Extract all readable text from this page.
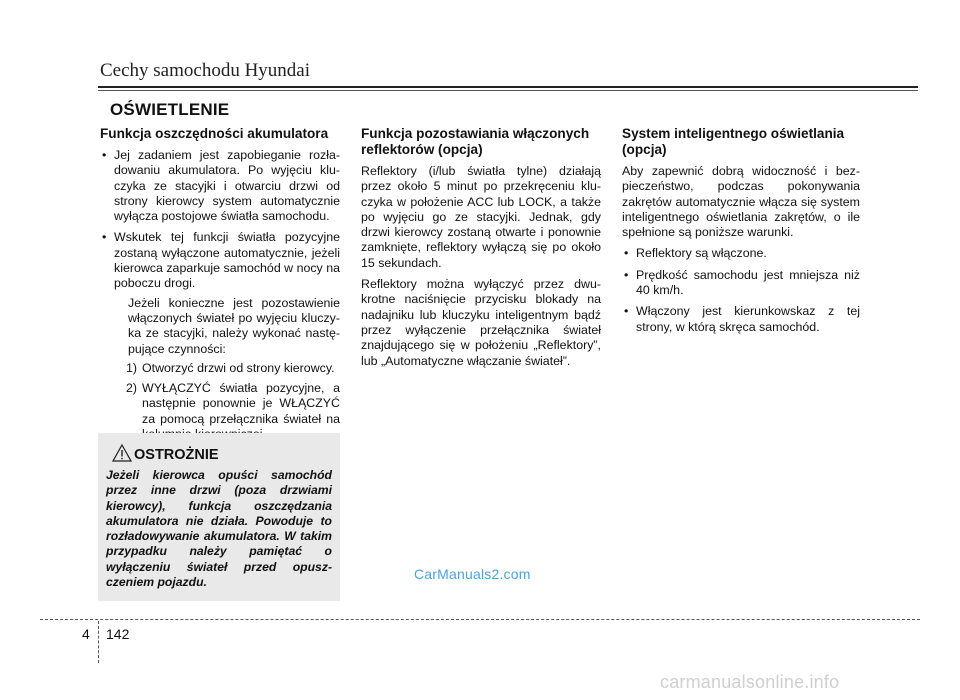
Cechy samochodu Hyundai
OŚWIETLENIE
Funkcja oszczędności akumulatora
• Jej zadaniem jest zapobieganie rozładowaniu akumulatora. Po wyjęciu kluczyka ze stacyjki i otwarciu drzwi od strony kierowcy system automatycznie wyłącza postojowe światła samochodu.
• Wskutek tej funkcji światła pozycyjne zostaną wyłączone automatycznie, jeżeli kierowca zaparkuje samochód w nocy na poboczu drogi.
Jeżeli konieczne jest pozostawienie włączonych świateł po wyjęciu kluczyka ze stacyjki, należy wykonać następujące czynności:
1) Otworzyć drzwi od strony kierowcy.
2) WYŁĄCZYĆ światła pozycyjne, a następnie ponownie je WŁĄCZYĆ za pomocą przełącznika świateł na
OSTROŻNIE
Jeżeli kierowca opuści samochód przez inne drzwi (poza drzwiami kierowcy), funkcja oszczędzania akumulatora nie działa. Powoduje to rozładowywanie akumulatora. W takim przypadku należy pamiętać o wyłączeniu świateł przed opuszczeniem pojazdu.
Funkcja pozostawiania włączonych reflektorów (opcja)

Reflektory (i/lub światła tylne) działają przez około 5 minut po przekręceniu kluczyka w położenie ACC lub LOCK, a także po wyjęciu go ze stacyjki. Jednak, gdy drzwi kierowcy zostaną otwarte i ponownie zamknięte, reflektory wyłączą się po około 15 sekundach.

Reflektory można wyłączyć przez dwukrotne naciśnięcie przycisku blokady na nadajniku lub kluczyku inteligentnym bądź przez wyłączenie przełącznika świateł znajdującego się w położeniu „Reflektory”, lub „Automatyczne włączanie świateł”.

System inteligentnego oświetlania (opcja)

Aby zapewnić dobrą widoczność i bezpieczeństwo, podczas pokonywania zakrętów automatycznie włącza się system inteligentnego oświetlania zakrętów, o ile spełnione są poniższe warunki.

• Reflektory są włączone.
• Prędkość samochodu jest mniejsza niż 40 km/h.
• Włączony jest kierunkowskaz z tej strony, w którą skręca samochód.
CarManuals2.com
4 142
carmanualsonline.info
